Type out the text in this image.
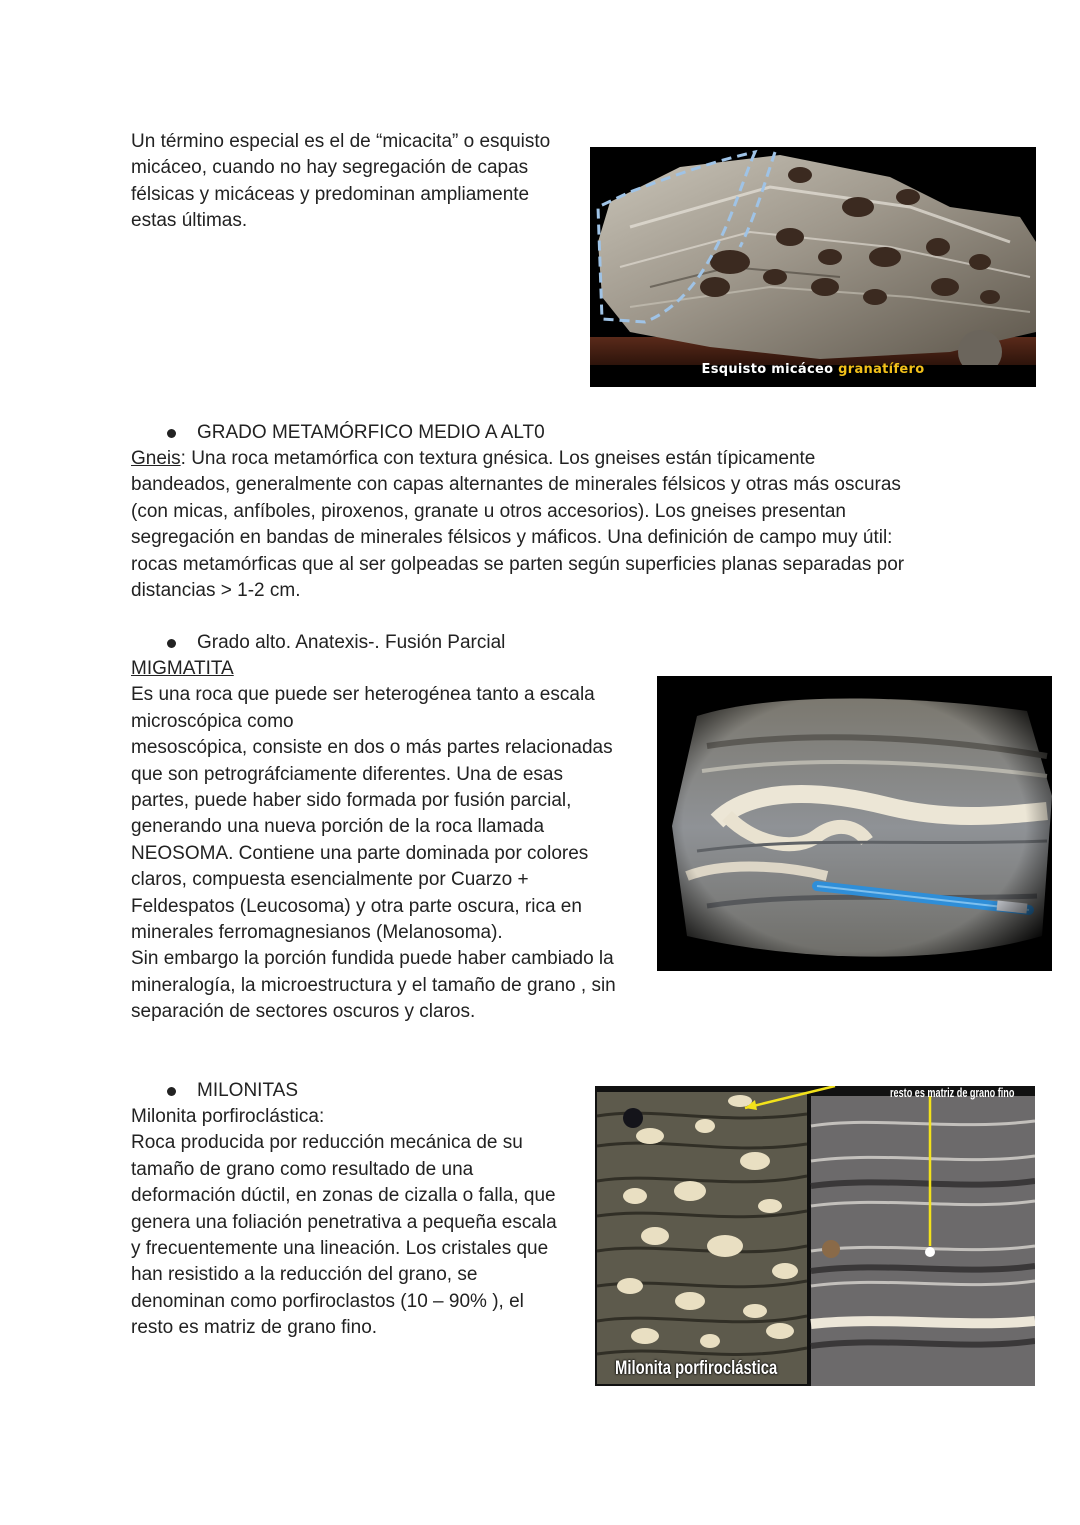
Un término especial es el de “micacita” o esquisto

micáceo, cuando no hay segregación de capas

félsicas y micáceas y predominan ampliamente

estas últimas.

Esquisto micáceo granatífero
GRADO METAMÓRFICO MEDIO A ALT0

Gneis: Una roca metamórfica con textura gnésica. Los gneises están típicamente

bandeados, generalmente con capas alternantes de minerales félsicos y otras más oscuras

(con micas, anfíboles, piroxenos, granate u otros accesorios). Los gneises presentan

segregación en bandas de minerales félsicos y máficos. Una definición de campo muy útil:

rocas metamórficas que al ser golpeadas se parten según superficies planas separadas por

distancias > 1-2 cm.

Grado alto. Anatexis-. Fusión Parcial

MIGMATITA

Es una roca que puede ser heterogénea tanto a escala

microscópica como

mesoscópica, consiste en dos o más partes relacionadas

que son petrográfciamente diferentes. Una de esas

partes, puede haber sido formada por fusión parcial,

generando una nueva porción de la roca llamada

NEOSOMA. Contiene una parte dominada por colores

claros, compuesta esencialmente por Cuarzo +

Feldespatos (Leucosoma) y otra parte oscura, rica en

minerales ferromagnesianos (Melanosoma).

Sin embargo la porción fundida puede haber cambiado la

mineralogía, la microestructura y el tamaño de grano , sin

separación de sectores oscuros y claros.

MILONITAS

Milonita porfiroclástica:

Roca producida por reducción mecánica de su

tamaño de grano como resultado de una

deformación dúctil, en zonas de cizalla o falla, que

genera una foliación penetrativa a pequeña escala

y frecuentemente una lineación. Los cristales que

han resistido a la reducción del grano, se

denominan como porfiroclastos (10 – 90% ), el

resto es matriz de grano fino.

resto es matriz de grano fino
Milonita porfiroclástica
